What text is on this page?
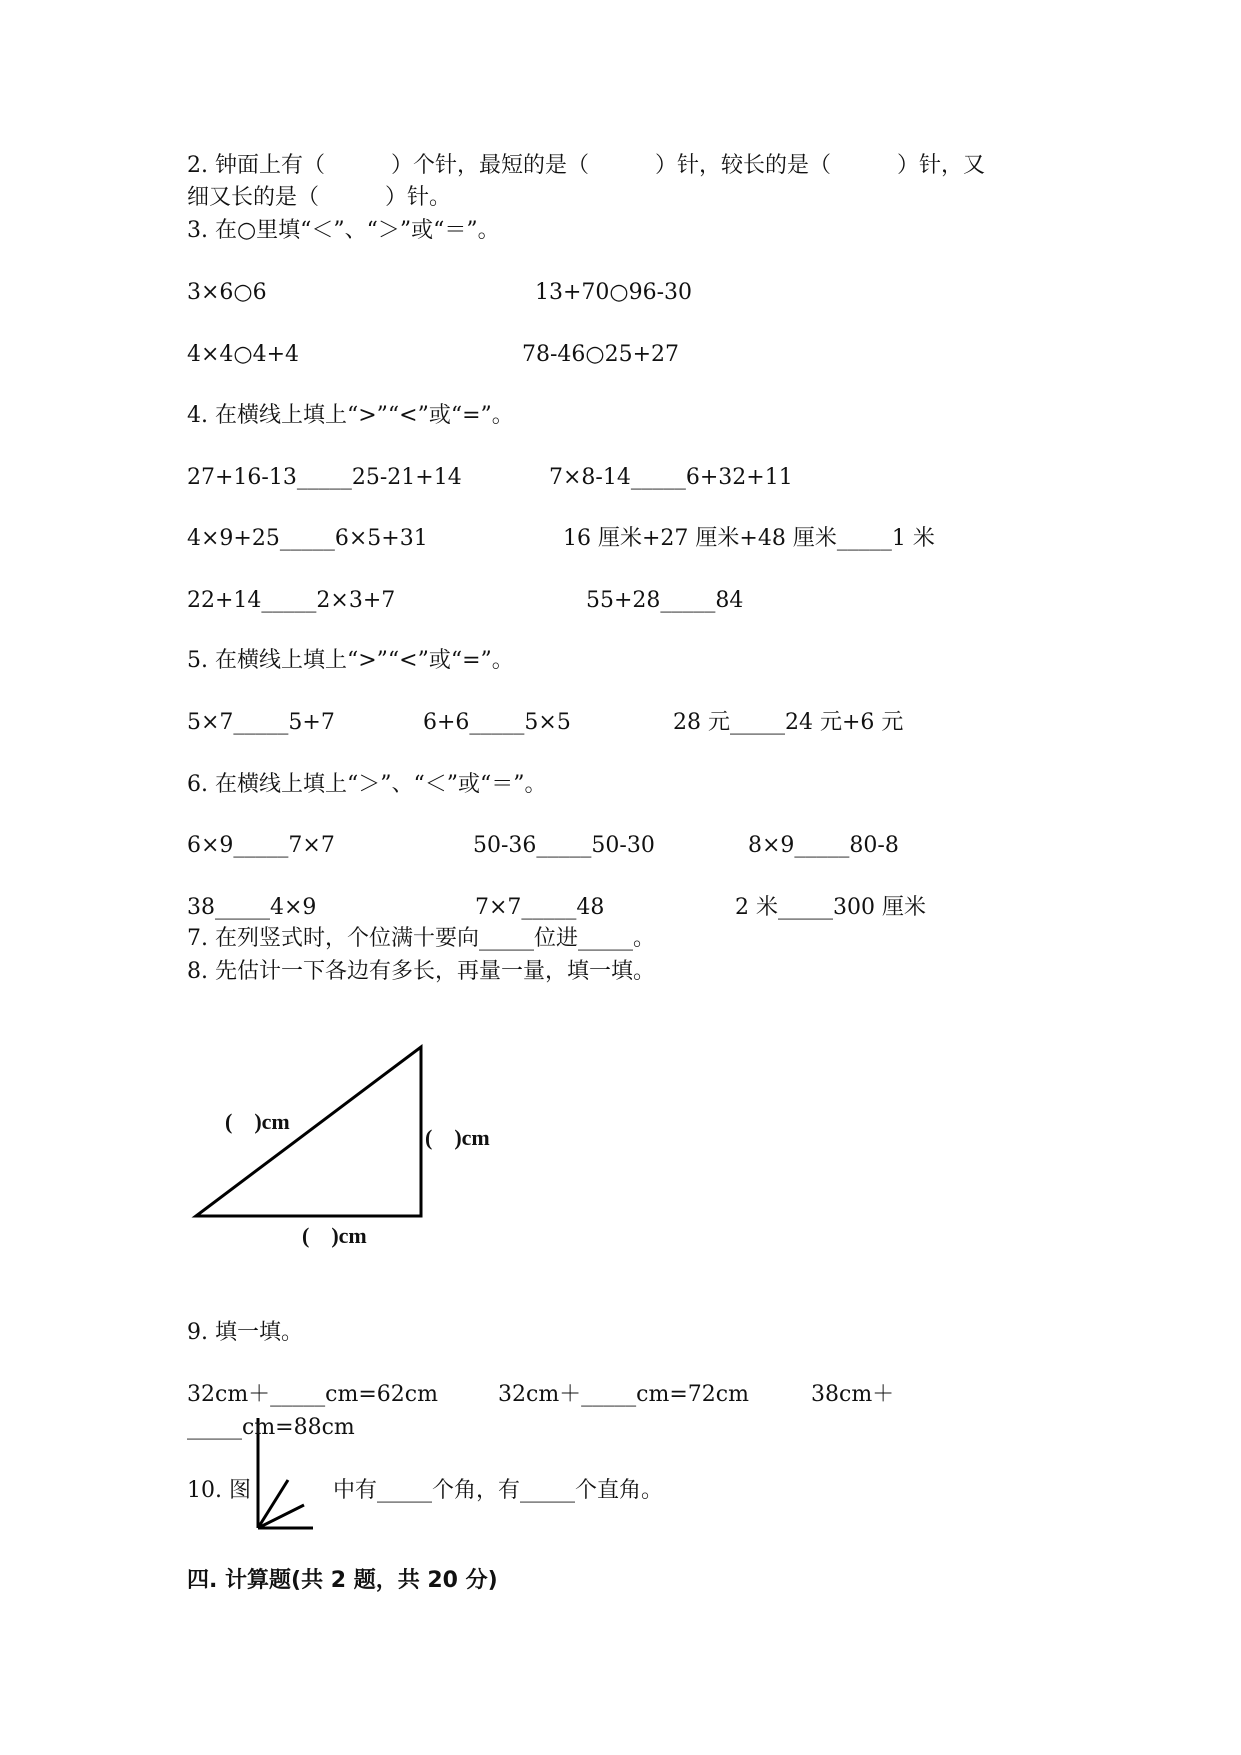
2. 钟面上有（　　　）个针，最短的是（　　　）针，较长的是（　　　）针，又
细又长的是（　　　）针。
3. 在○里填“＜”、“＞”或“＝”。
3×6○6	13+70○96-30
4×4○4+4	78-46○25+27
4. 在横线上填上“>”“<”或“=”。
27+16-13_____25-21+14	7×8-14_____6+32+11
4×9+25_____6×5+31	16 厘米+27 厘米+48 厘米_____1 米
22+14_____2×3+7	55+28_____84
5. 在横线上填上“>”“<”或“=”。
5×7_____5+7	6+6_____5×5	28 元_____24 元+6 元
6. 在横线上填上“＞”、“＜”或“＝”。
6×9_____7×7	50-36_____50-30	8×9_____80-8
38_____4×9	7×7_____48	2 米_____300 厘米
7. 在列竖式时，个位满十要向_____位进_____。
8. 先估计一下各边有多长，再量一量，填一填。
(　)cm
(　)cm
(　)cm
9. 填一填。
32cm＋_____cm=62cm	32cm＋_____cm=72cm	38cm＋
_____cm=88cm
10. 图	中有_____个角，有_____个直角。
四. 计算题(共 2 题，共 20 分)
